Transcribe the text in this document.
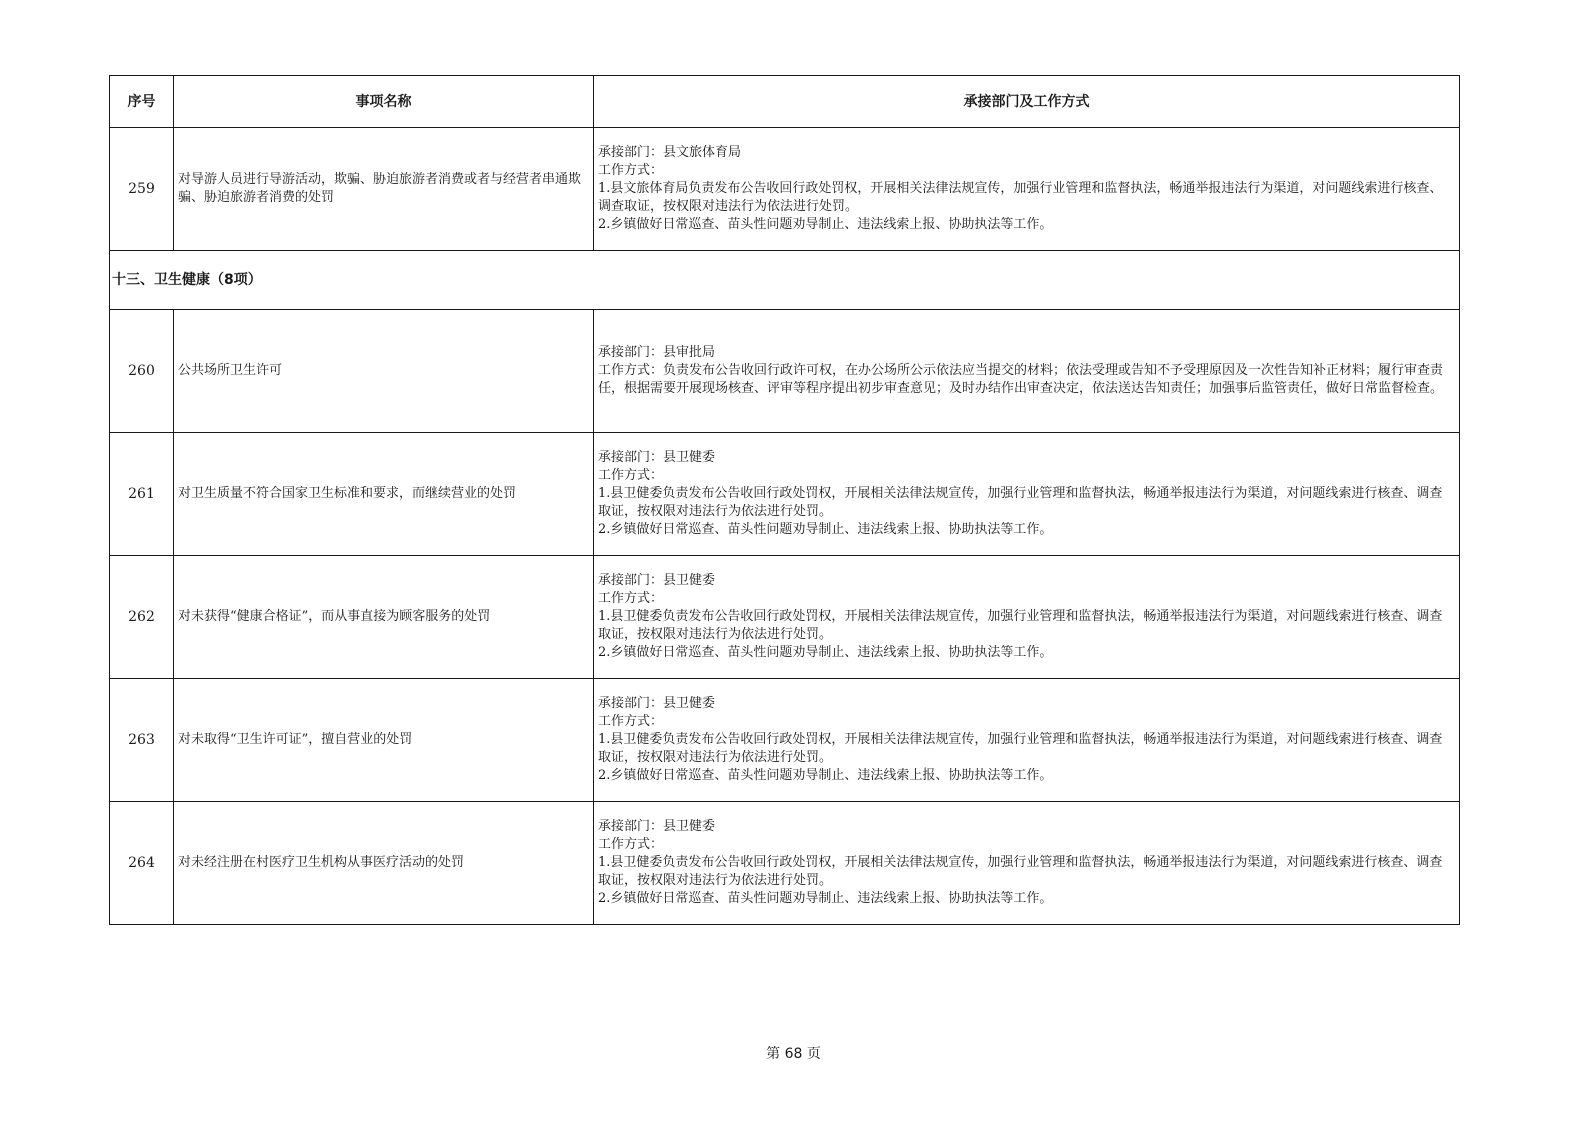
序号	事项名称	承接部门及工作方式
259	对导游人员进行导游活动，欺骗、胁迫旅游者消费或者与经营者串通欺骗、胁迫旅游者消费的处罚	承接部门：县文旅体育局
工作方式：
1.县文旅体育局负责发布公告收回行政处罚权，开展相关法律法规宣传，加强行业管理和监督执法，畅通举报违法行为渠道，对问题线索进行核查、调查取证，按权限对违法行为依法进行处罚。
2.乡镇做好日常巡查、苗头性问题劝导制止、违法线索上报、协助执法等工作。

十三、卫生健康（8项）		
260	公共场所卫生许可	承接部门：县审批局
工作方式：负责发布公告收回行政许可权，在办公场所公示依法应当提交的材料；依法受理或告知不予受理原因及一次性告知补正材料；履行审查责任，根据需要开展现场核查、评审等程序提出初步审查意见；及时办结作出审查决定，依法送达告知责任；加强事后监管责任，做好日常监督检查。

261	对卫生质量不符合国家卫生标准和要求，而继续营业的处罚	承接部门：县卫健委
工作方式：
1.县卫健委负责发布公告收回行政处罚权，开展相关法律法规宣传，加强行业管理和监督执法，畅通举报违法行为渠道，对问题线索进行核查、调查取证，按权限对违法行为依法进行处罚。
2.乡镇做好日常巡查、苗头性问题劝导制止、违法线索上报、协助执法等工作。

262	对未获得“健康合格证”，而从事直接为顾客服务的处罚	承接部门：县卫健委
工作方式：
1.县卫健委负责发布公告收回行政处罚权，开展相关法律法规宣传，加强行业管理和监督执法，畅通举报违法行为渠道，对问题线索进行核查、调查取证，按权限对违法行为依法进行处罚。
2.乡镇做好日常巡查、苗头性问题劝导制止、违法线索上报、协助执法等工作。

263	对未取得“卫生许可证”，擅自营业的处罚	承接部门：县卫健委
工作方式：
1.县卫健委负责发布公告收回行政处罚权，开展相关法律法规宣传，加强行业管理和监督执法，畅通举报违法行为渠道，对问题线索进行核查、调查取证，按权限对违法行为依法进行处罚。
2.乡镇做好日常巡查、苗头性问题劝导制止、违法线索上报、协助执法等工作。

264	对未经注册在村医疗卫生机构从事医疗活动的处罚	承接部门：县卫健委
工作方式：
1.县卫健委负责发布公告收回行政处罚权，开展相关法律法规宣传，加强行业管理和监督执法，畅通举报违法行为渠道，对问题线索进行核查、调查取证，按权限对违法行为依法进行处罚。
2.乡镇做好日常巡查、苗头性问题劝导制止、违法线索上报、协助执法等工作。
第 68 页
